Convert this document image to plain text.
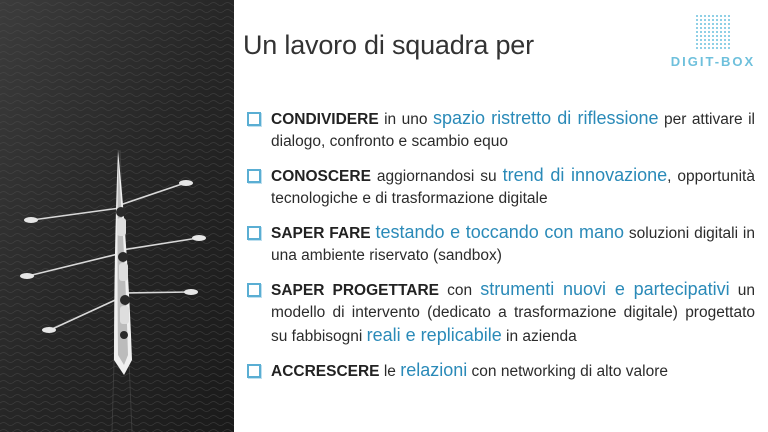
Un lavoro di squadra per
DIGIT-BOX
CONDIVIDERE in uno spazio ristretto di riflessione per attivare il dialogo, confronto e scambio equo
CONOSCERE aggiornandosi su trend di innovazione, opportunità tecnologiche e di trasformazione digitale
SAPER FARE testando e toccando con mano soluzioni digitali in una ambiente riservato (sandbox)
SAPER PROGETTARE con strumenti nuovi e partecipativi un modello di intervento (dedicato a trasformazione digitale) progettato su fabbisogni reali e replicabile in azienda
ACCRESCERE le relazioni con networking di alto valore
